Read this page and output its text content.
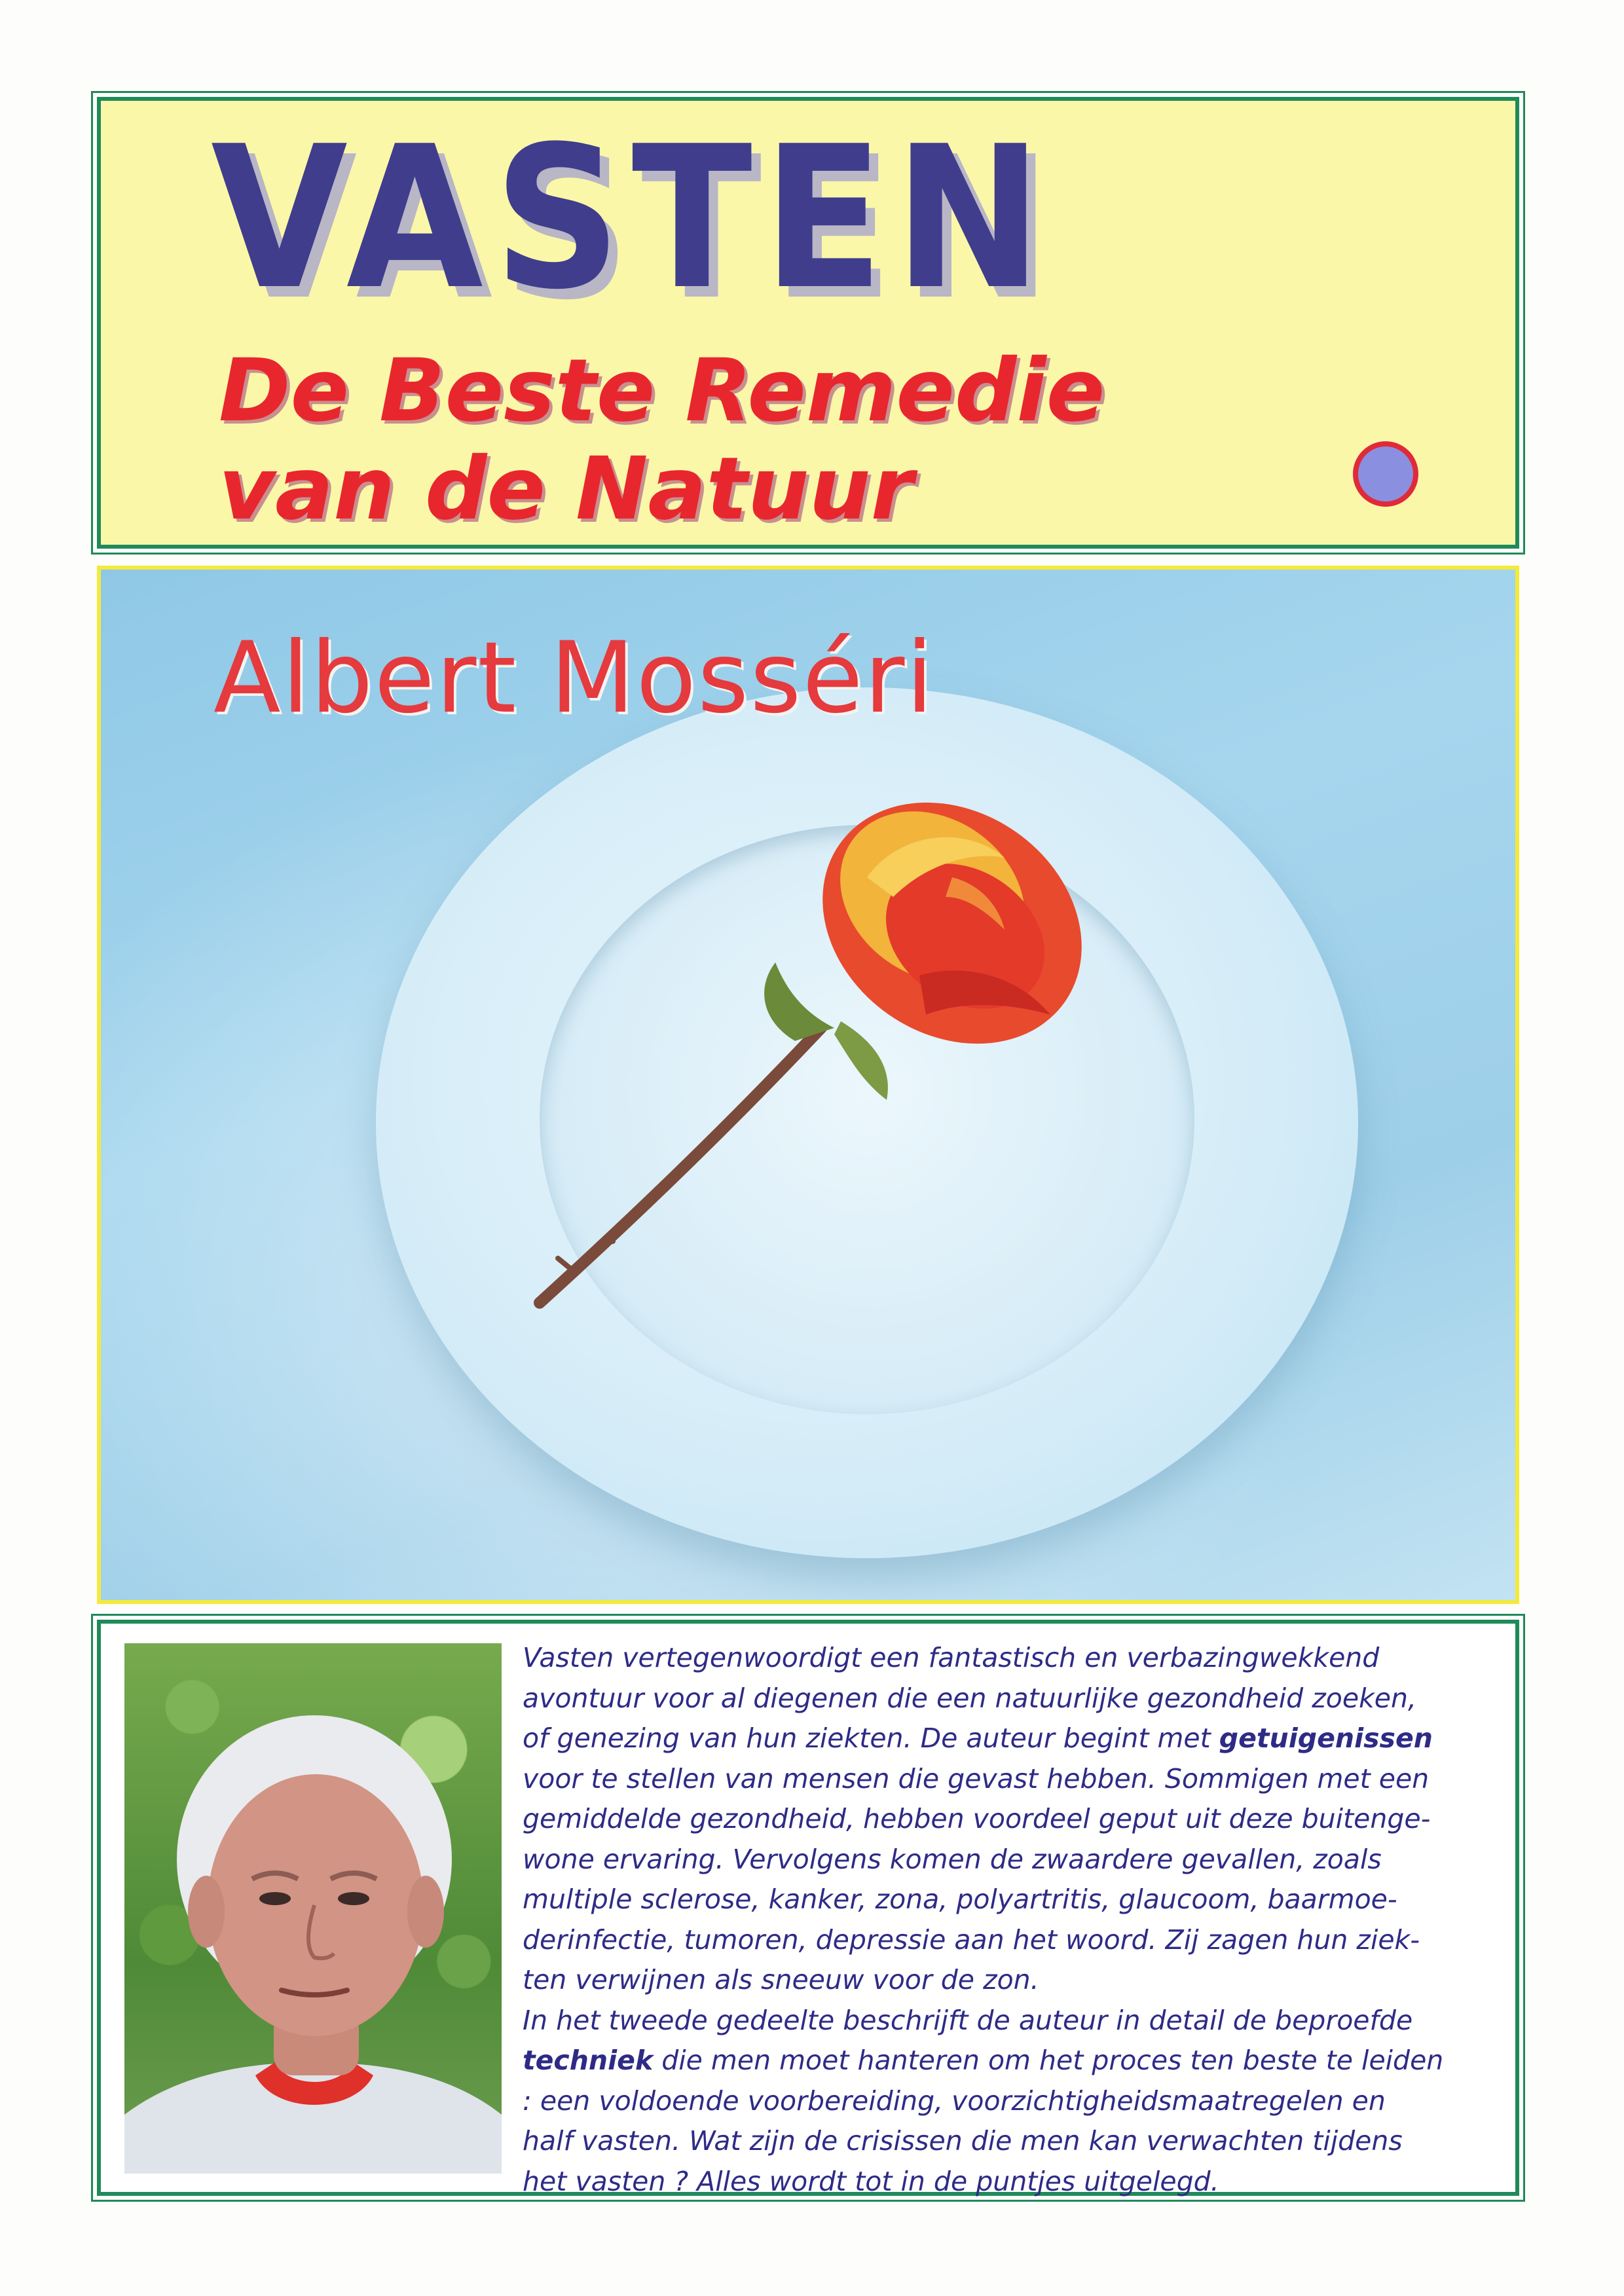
VASTEN
De Beste Remedie
van de Natuur
Albert Mosséri
Vasten vertegenwoordigt een fantastisch en verbazingwekkend
avontuur voor al diegenen die een natuurlijke gezondheid zoeken,
of genezing van hun ziekten. De auteur begint met getuigenissen
voor te stellen van mensen die gevast hebben. Sommigen met een
gemiddelde gezondheid, hebben voordeel geput uit deze buitenge-
wone ervaring. Vervolgens komen de zwaardere gevallen, zoals
multiple sclerose, kanker, zona, polyartritis, glaucoom, baarmoe-
derinfectie, tumoren, depressie aan het woord. Zij zagen hun ziek-
ten verwijnen als sneeuw voor de zon.
In het tweede gedeelte beschrijft de auteur in detail de beproefde
techniek die men moet hanteren om het proces ten beste te leiden
: een voldoende voorbereiding, voorzichtigheidsmaatregelen en
half vasten. Wat zijn de crisissen die men kan verwachten tijdens
het vasten ? Alles wordt tot in de puntjes uitgelegd.
